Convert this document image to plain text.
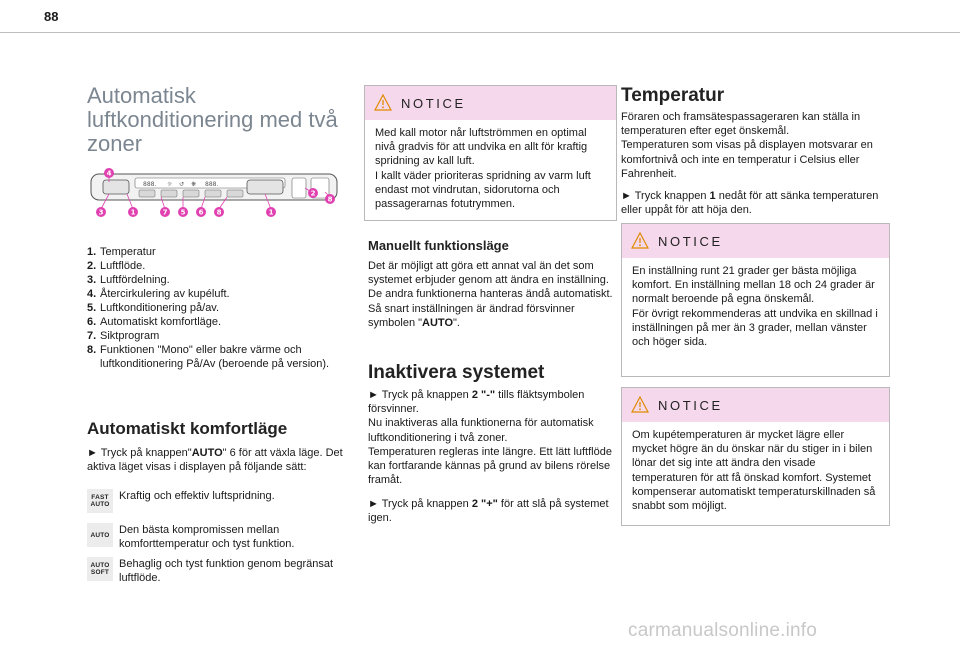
88
Automatisk luftkonditionering med två zoner
888. ☼ ↺ ❋ 888.
4
2
8
3	1	7 5 6 8	1
1. Temperatur
2. Luftflöde.
3. Luftfördelning.
4. Återcirkulering av kupéluft.
5. Luftkonditionering på/av.
6. Automatiskt komfortläge.
7. Siktprogram
8. Funktionen "Mono" eller bakre värme och luftkonditionering På/Av (beroende på version).
Automatiskt komfortläge

► Tryck på knappen"AUTO" 6 för att växla läge. Det aktiva läget visas i displayen på följande sätt:

FAST
AUTO
Kraftig och effektiv luftspridning.
AUTO Den bästa kompromissen mellan komforttemperatur och tyst funktion.
AUTO
SOFT
Behaglig och tyst funktion genom begränsat luftflöde.
NOTICE
Med kall motor når luftströmmen en optimal nivå gradvis för att undvika en allt för kraftig spridning av kall luft.
I kallt väder prioriteras spridning av varm luft endast mot vindrutan, sidorutorna och passagerarnas fotutrymmen.
Manuellt funktionsläge

Det är möjligt att göra ett annat val än det som systemet erbjuder genom att ändra en inställning. De andra funktionerna hanteras ändå automatiskt.
Så snart inställningen är ändrad försvinner symbolen "AUTO".

Inaktivera systemet

► Tryck på knappen 2 "-" tills fläktsymbolen försvinner.
Nu inaktiveras alla funktionerna för automatisk luftkonditionering i två zoner.
Temperaturen regleras inte längre. Ett lätt luftflöde kan fortfarande kännas på grund av bilens rörelse framåt.

► Tryck på knappen 2 "+" för att slå på systemet igen.

Temperatur

Föraren och framsätespassageraren kan ställa in temperaturen efter eget önskemål.
Temperaturen som visas på displayen motsvarar en komfortnivå och inte en temperatur i Celsius eller Fahrenheit.

► Tryck knappen 1 nedåt för att sänka temperaturen eller uppåt för att höja den.

NOTICE
En inställning runt 21 grader ger bästa möjliga komfort. En inställning mellan 18 och 24 grader är normalt beroende på egna önskemål.
För övrigt rekommenderas att undvika en skillnad i inställningen på mer än 3 grader, mellan vänster och höger sida.
NOTICE
Om kupétemperaturen är mycket lägre eller mycket högre än du önskar när du stiger in i bilen lönar det sig inte att ändra den visade temperaturen för att få önskad komfort. Systemet kompenserar automatiskt temperaturskillnaden så snabbt som möjligt.
carmanualsonline.info
